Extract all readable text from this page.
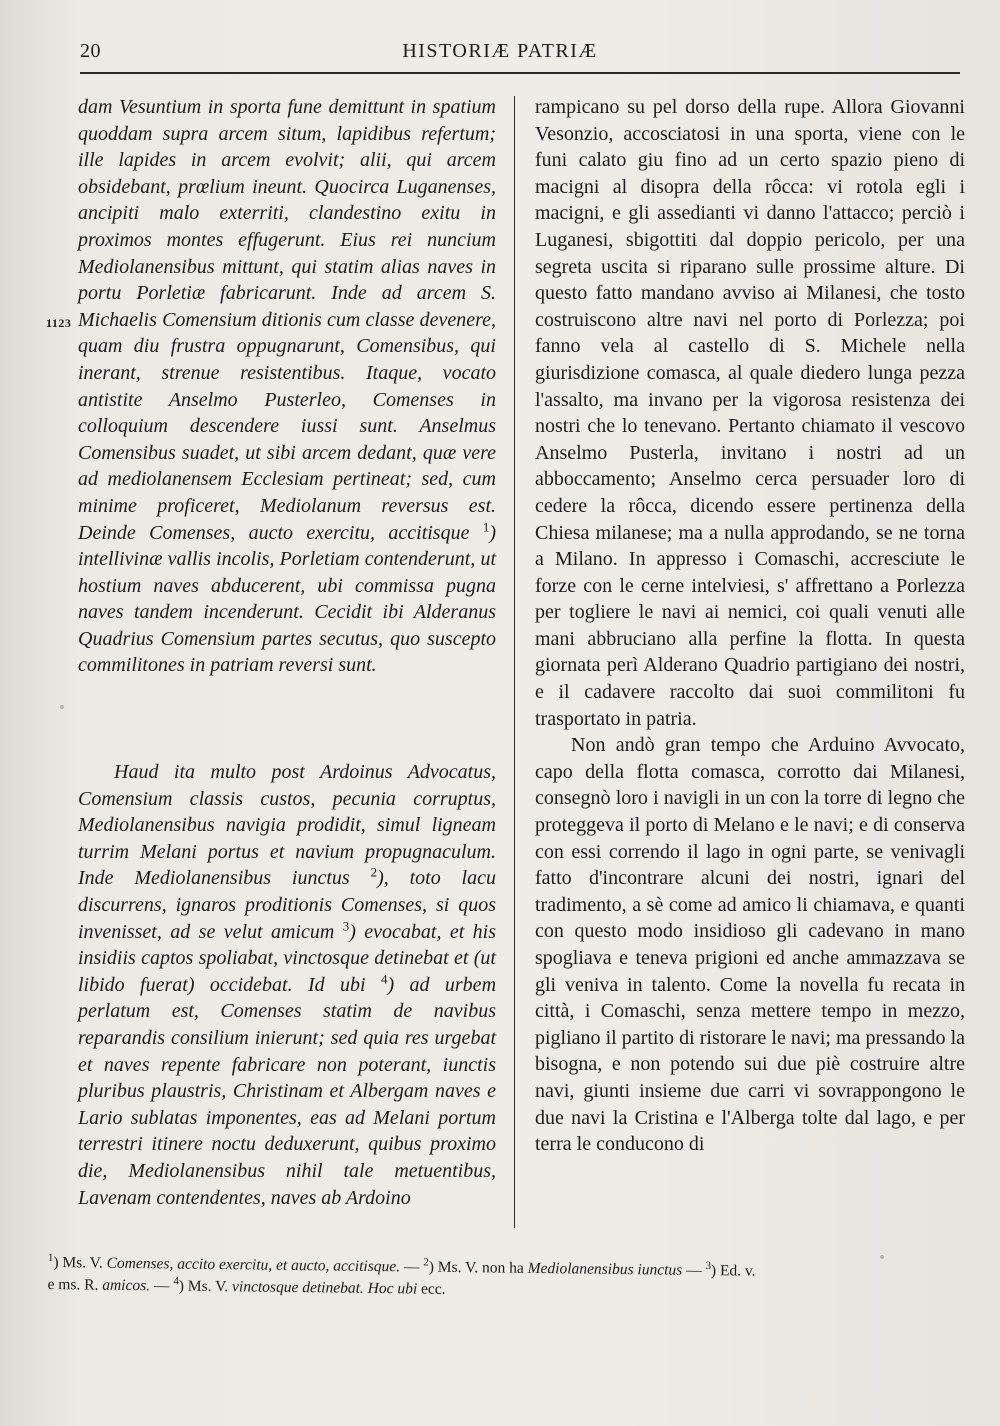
20	HISTORIÆ PATRIÆ
1123

dam Vesuntium in sporta fune demittunt in spatium quoddam supra arcem situm, lapidibus refertum; ille lapides in arcem evolvit; alii, qui arcem obsidebant, prœlium ineunt. Quocirca Luganenses, ancipiti malo exterriti, clandestino exitu in proximos montes effugerunt. Eius rei nuncium Mediolanensibus mittunt, qui statim alias naves in portu Porletiæ fabricarunt. Inde ad arcem S. Michaelis Comensium ditionis cum classe devenere, quam diu frustra oppugnarunt, Comensibus, qui inerant, strenue resistentibus. Itaque, vocato antistite Anselmo Pusterleo, Comenses in colloquium descendere iussi sunt. Anselmus Comensibus suadet, ut sibi arcem dedant, quæ vere ad mediolanensem Ecclesiam pertineat; sed, cum minime proficeret, Mediolanum reversus est. Deinde Comenses, aucto exercitu, accitisque $^1$) intellivinæ vallis incolis, Porletiam contenderunt, ut hostium naves abducerent, ubi commissa pugna naves tandem incenderunt. Cecidit ibi Alderanus Quadrius Comensium partes secutus, quo suscepto commilitones in patriam reversi sunt.

Haud ita multo post Ardoinus Advocatus, Comensium classis custos, pecunia corruptus, Mediolanensibus navigia prodidit, simul ligneam turrim Melani portus et navium propugnaculum. Inde Mediolanensibus iunctus $^2$), toto lacu discurrens, ignaros proditionis Comenses, si quos invenisset, ad se velut amicum $^3$) evocabat, et his insidiis captos spoliabat, vinctosque detinebat et (ut libido fuerat) occidebat. Id ubi $^4$) ad urbem perlatum est, Comenses statim de navibus reparandis consilium inierunt; sed quia res urgebat et naves repente fabricare non poterant, iunctis pluribus plaustris, Christinam et Albergam naves e Lario sublatas imponentes, eas ad Melani portum terrestri itinere noctu deduxerunt, quibus proximo die, Mediolanensibus nihil tale metuentibus, Lavenam contendentes, naves ab Ardoino

rampicano su pel dorso della rupe. Allora Giovanni Vesonzio, accosciatosi in una sporta, viene con le funi calato giu fino ad un certo spazio pieno di macigni al disopra della rôcca: vi rotola egli i macigni, e gli assedianti vi danno l'attacco; perciò i Luganesi, sbigottiti dal doppio pericolo, per una segreta uscita si riparano sulle prossime alture. Di questo fatto mandano avviso ai Milanesi, che tosto costruiscono altre navi nel porto di Porlezza; poi fanno vela al castello di S. Michele nella giurisdizione comasca, al quale diedero lunga pezza l'assalto, ma invano per la vigorosa resistenza dei nostri che lo tenevano. Pertanto chiamato il vescovo Anselmo Pusterla, invitano i nostri ad un abboccamento; Anselmo cerca persuader loro di cedere la rôcca, dicendo essere pertinenza della Chiesa milanese; ma a nulla approdando, se ne torna a Milano. In appresso i Comaschi, accresciute le forze con le cerne intelviesi, s' affrettano a Porlezza per togliere le navi ai nemici, coi quali venuti alle mani abbruciano alla perfine la flotta. In questa giornata perì Alderano Quadrio partigiano dei nostri, e il cadavere raccolto dai suoi commilitoni fu trasportato in patria.

Non andò gran tempo che Arduino Avvocato, capo della flotta comasca, corrotto dai Milanesi, consegnò loro i navigli in un con la torre di legno che proteggeva il porto di Melano e le navi; e di conserva con essi correndo il lago in ogni parte, se venivagli fatto d'incontrare alcuni dei nostri, ignari del tradimento, a sè come ad amico li chiamava, e quanti con questo modo insidioso gli cadevano in mano spogliava e teneva prigioni ed anche ammazzava se gli veniva in talento. Come la novella fu recata in città, i Comaschi, senza mettere tempo in mezzo, pigliano il partito di ristorare le navi; ma pressando la bisogna, e non potendo sui due piè costruire altre navi, giunti insieme due carri vi sovrappongono le due navi la Cristina e l'Alberga tolte dal lago, e per terra le conducono di

$^1$) Ms. V. Comenses, accito exercitu, et aucto, accitisque. — $^2$) Ms. V. non ha Mediolanensibus iunctus — $^3$) Ed. v.

e ms. R. amicos. — $^4$) Ms. V. vinctosque detinebat. Hoc ubi ecc.
